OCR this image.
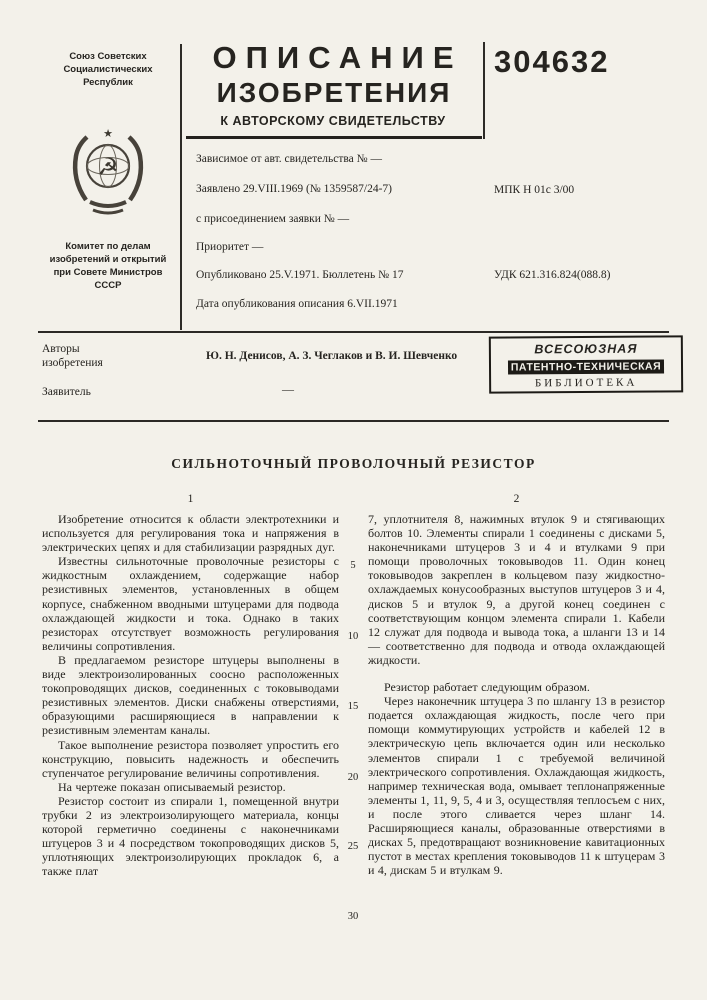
Союз Советских
Социалистических
Республик
☭
★
Комитет по делам
изобретений и открытий
при Совете Министров
СССР
ОПИСАНИЕ
ИЗОБРЕТЕНИЯ
К АВТОРСКОМУ СВИДЕТЕЛЬСТВУ
304632
Зависимое от авт. свидетельства № —
Заявлено 29.VIII.1969 (№ 1359587/24-7)
с присоединением заявки № —
Приоритет —
Опубликовано 25.V.1971. Бюллетень № 17
Дата опубликования описания 6.VII.1971
МПК Н 01с 3/00
УДК 621.316.824(088.8)
Авторы
изобретения
Ю. Н. Денисов, А. З. Чеглаков и В. И. Шевченко
Заявитель	—
ВСЕСОЮЗНАЯ
ПАТЕНТНО-ТЕХНИЧЕСКАЯ
БИБЛИОТЕКА
СИЛЬНОТОЧНЫЙ ПРОВОЛОЧНЫЙ РЕЗИСТОР
1	2

Изобретение относится к области электротехники и используется для регулирования тока и напряжения в электрических цепях и для стабилизации разрядных дуг.

Известны сильноточные проволочные резисторы с жидкостным охлаждением, содержащие набор резистивных элементов, установленных в общем корпусе, снабженном вводными штуцерами для подвода охлаждающей жидкости и тока. Однако в таких резисторах отсутствует возможность регулирования величины сопротивления.

В предлагаемом резисторе штуцеры выполнены в виде электроизолированных соосно расположенных токопроводящих дисков, соединенных с токовыводами резистивных элементов. Диски снабжены отверстиями, образующими расширяющиеся в направлении к резистивным элементам каналы.

Такое выполнение резистора позволяет упростить его конструкцию, повысить надежность и обеспечить ступенчатое регулирование величины сопротивления.

На чертеже показан описываемый резистор.

Резистор состоит из спирали 1, помещенной внутри трубки 2 из электроизолирующего материала, концы которой герметично соединены с наконечниками штуцеров 3 и 4 посредством токопроводящих дисков 5, уплотняющих электроизолирующих прокладок 6, а также плат

7, уплотнителя 8, нажимных втулок 9 и стягивающих болтов 10. Элементы спирали 1 соединены с дисками 5, наконечниками штуцеров 3 и 4 и втулками 9 при помощи проволочных токовыводов 11. Один конец токовыводов закреплен в кольцевом пазу жидкостно-охлаждаемых конусообразных выступов штуцеров 3 и 4, дисков 5 и втулок 9, а другой конец соединен с соответствующим концом элемента спирали 1. Кабели 12 служат для подвода и вывода тока, а шланги 13 и 14 — соответственно для подвода и отвода охлаждающей жидкости.

Резистор работает следующим образом.

Через наконечник штуцера 3 по шлангу 13 в резистор подается охлаждающая жидкость, после чего при помощи коммутирующих устройств и кабелей 12 в электрическую цепь включается один или несколько элементов спирали 1 с требуемой величиной электрического сопротивления. Охлаждающая жидкость, например техническая вода, омывает теплонапряженные элементы 1, 11, 9, 5, 4 и 3, осуществляя теплосъем с них, и после этого сливается через шланг 14. Расширяющиеся каналы, образованные отверстиями в дисках 5, предотвращают возникновение кавитационных пустот в местах крепления токовыводов 11 к штуцерам 3 и 4, дискам 5 и втулкам 9.

5
10
15
20
25
30
